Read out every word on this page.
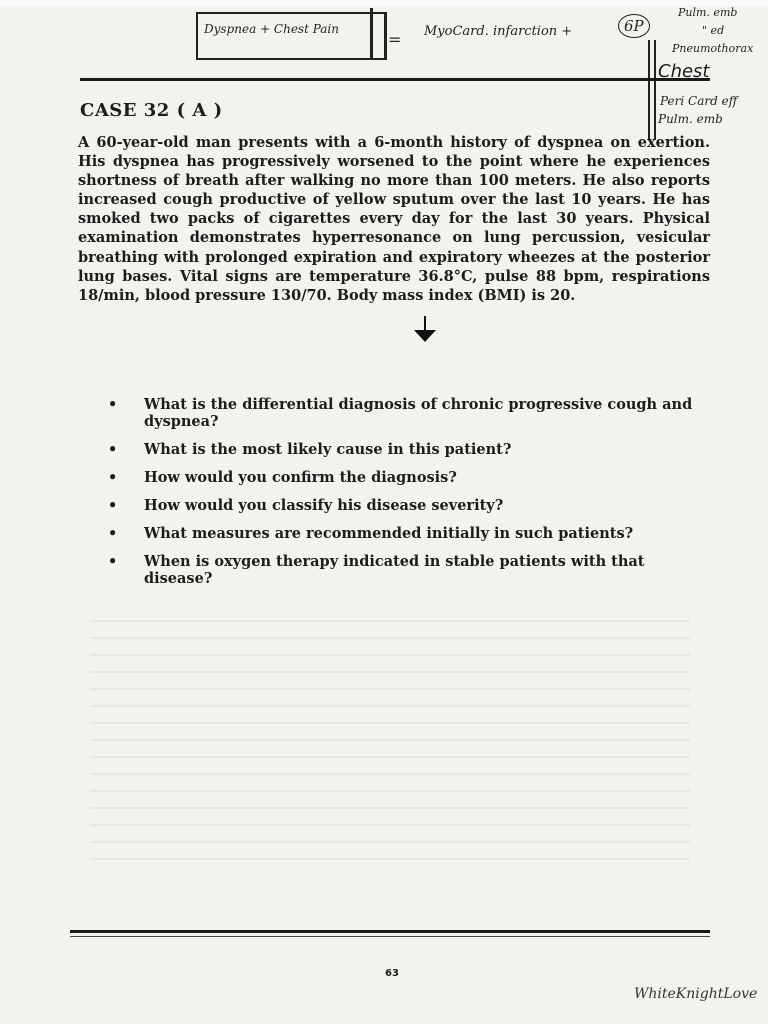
Dyspnea + Chest Pain
= MyoCard. infarction +	6P
Pulm. emb
" ed
Pneumothorax
Peri Card eff
Pulm. emb
Chest
CASE 32 ( A )
A 60-year-old man presents with a 6-month history of dyspnea on exertion. His dyspnea has progressively worsened to the point where he experiences shortness of breath after walking no more than 100 meters. He also reports increased cough productive of yellow sputum over the last 10 years. He has smoked two packs of cigarettes every day for the last 30 years. Physical examination demonstrates hyperresonance on lung percussion, vesicular breathing with prolonged expiration and expiratory wheezes at the posterior lung bases. Vital signs are temperature 36.8°C, pulse 88 bpm, respirations 18/min, blood pressure 130/70. Body mass index (BMI) is 20.
• What is the differential diagnosis of chronic progressive cough and dyspnea?
• What is the most likely cause in this patient?
• How would you confirm the diagnosis?
• How would you classify his disease severity?
• What measures are recommended initially in such patients?
• When is oxygen therapy indicated in stable patients with that disease?
63
WhiteKnightLove
